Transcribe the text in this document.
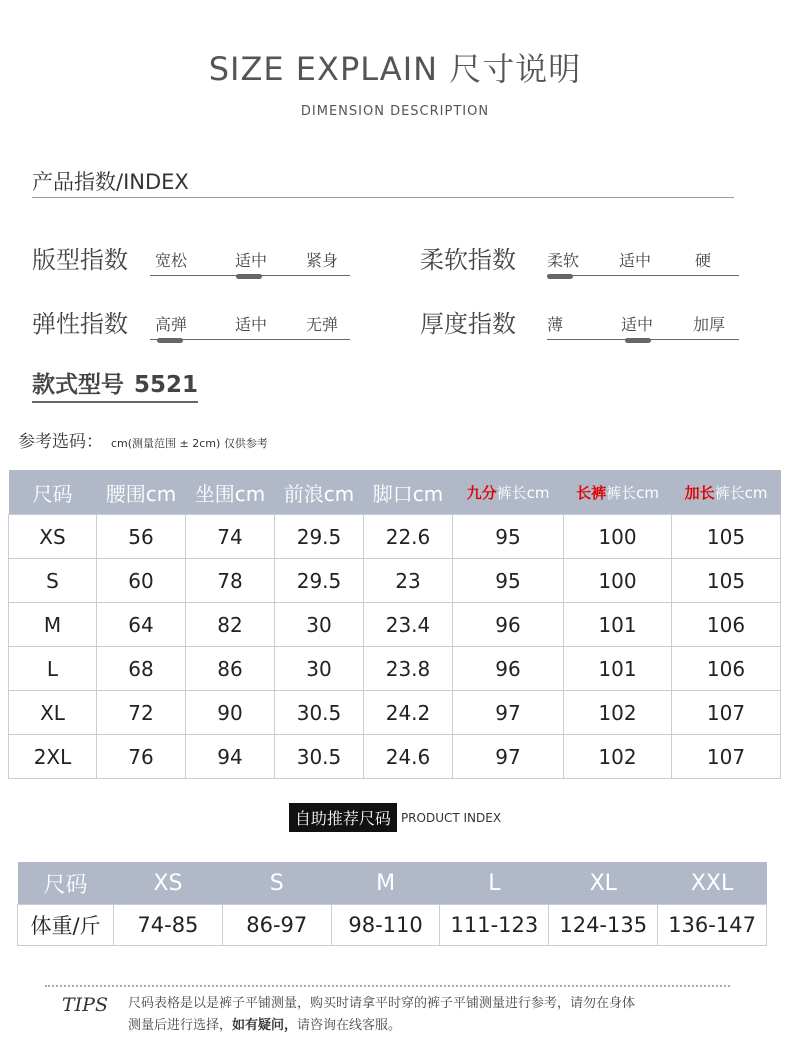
SIZE EXPLAIN 尺寸说明
DIMENSION DESCRIPTION
产品指数/INDEX
版型指数 宽松	适中 紧身	柔软指数 柔软 适中	硬
弹性指数 高弹	适中 无弹	厚度指数 薄	适中 加厚
款式型号 5521
参考选码： cm(测量范围 ± 2cm) 仅供参考
尺码	腰围cm	坐围cm	前浪cm	脚口cm	九分裤长cm	长裤裤长cm	加长裤长cm
XS	56	74	29.5	22.6	95	100	105
S	60	78	29.5	23	95	100	105
M	64	82	30	23.4	96	101	106
L	68	86	30	23.8	96	101	106
XL	72	90	30.5	24.2	97	102	107
2XL	76	94	30.5	24.6	97	102	107
自助推荐尺码 PRODUCT INDEX
尺码	XS	S	M	L	XL	XXL
体重/斤	74-85	86-97	98-110	111-123	124-135	136-147
TIPS 尺码表格是以是裤子平铺测量，购买时请拿平时穿的裤子平铺测量进行参考，请勿在身体
测量后进行选择，如有疑问，请咨询在线客服。
